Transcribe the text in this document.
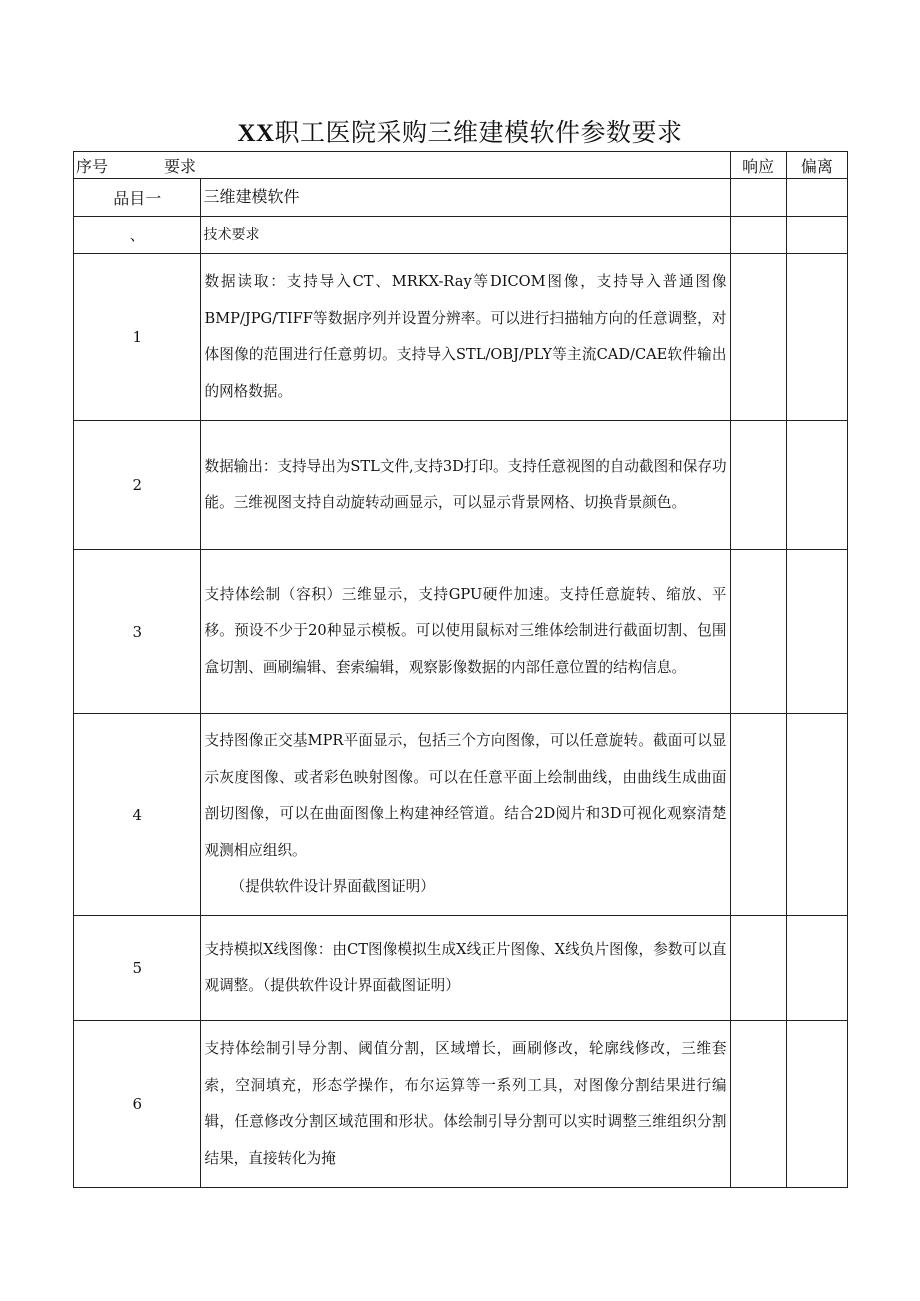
XX职工医院采购三维建模软件参数要求
序号 要求		响应	偏离
品目一	三维建模软件		
、	技术要求		
1	数据读取：支持导入CT、MRKX-Ray等DICOM图像，支持导入普通图像BMP/JPG/TIFF等数据序列并设置分辨率。可以进行扫描轴方向的任意调整，对体图像的范围进行任意剪切。支持导入STL/OBJ/PLY等主流CAD/CAE软件输出的网格数据。		
2	数据输出：支持导出为STL文件,支持3D打印。支持任意视图的自动截图和保存功能。三维视图支持自动旋转动画显示，可以显示背景网格、切换背景颜色。		
3	支持体绘制（容积）三维显示，支持GPU硬件加速。支持任意旋转、缩放、平移。预设不少于20种显示模板。可以使用鼠标对三维体绘制进行截面切割、包围盒切割、画刷编辑、套索编辑，观察影像数据的内部任意位置的结构信息。		
4	支持图像正交基MPR平面显示，包括三个方向图像，可以任意旋转。截面可以显示灰度图像、或者彩色映射图像。可以在任意平面上绘制曲线，由曲线生成曲面剖切图像，可以在曲面图像上构建神经管道。结合2D阅片和3D可视化观察清楚观测相应组织。
（提供软件设计界面截图证明）		

5	支持模拟X线图像：由CT图像模拟生成X线正片图像、X线负片图像，参数可以直观调整。（提供软件设计界面截图证明）		
6	支持体绘制引导分割、阈值分割，区域增长，画刷修改，轮廓线修改，三维套索，空洞填充，形态学操作，布尔运算等一系列工具，对图像分割结果进行编辑，任意修改分割区域范围和形状。体绘制引导分割可以实时调整三维组织分割结果，直接转化为掩		
